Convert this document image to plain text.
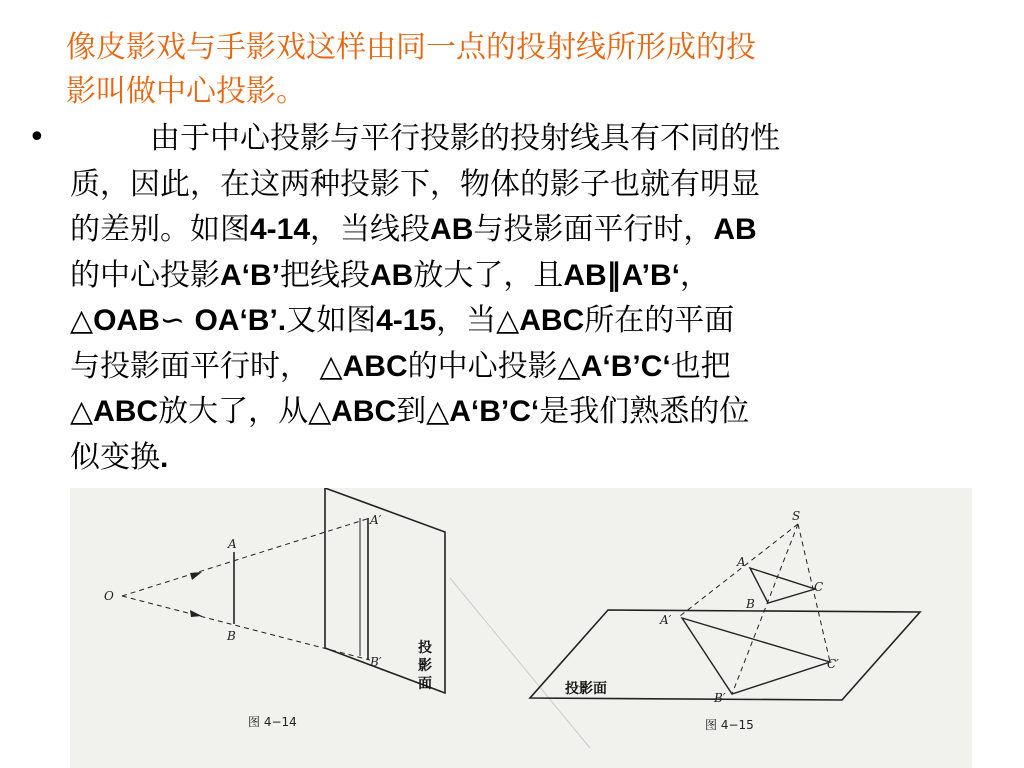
像皮影戏与手影戏这样由同一点的投射线所形成的投
影叫做中心投影。

•	由于中心投影与平行投影的投射线具有不同的性
质，因此，在这两种投影下，物体的影子也就有明显
的差别。如图4-14，当线段AB与投影面平行时，AB
的中心投影A‘B’把线段AB放大了，且AB∥A’B‘，
△OAB∽ OA‘B’.又如图4-15，当△ABC所在的平面
与投影面平行时， △ABC的中心投影△A‘B’C‘也把
△ABC放大了，从△ABC到△A‘B’C‘是我们熟悉的位
似变换.

O
A
B
A′
B′
投
影
面
图 4−14
S
A
B
C
A′
B′
C′
投影面
图 4−15
